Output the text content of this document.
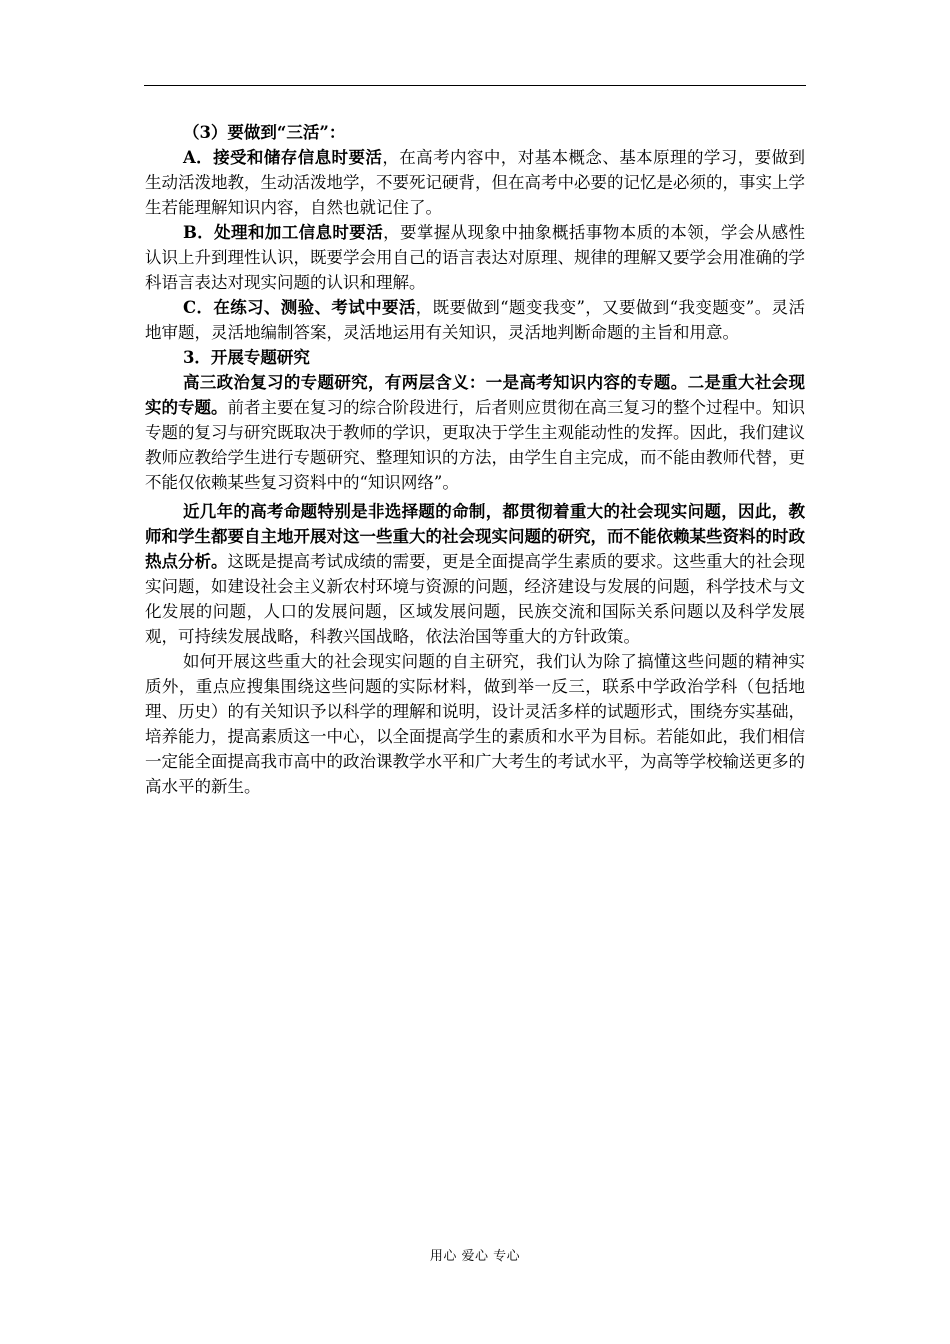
（3）要做到“三活”：

A．接受和储存信息时要活，在高考内容中，对基本概念、基本原理的学习，要做到生动活泼地教，生动活泼地学，不要死记硬背，但在高考中必要的记忆是必须的，事实上学生若能理解知识内容，自然也就记住了。

B．处理和加工信息时要活，要掌握从现象中抽象概括事物本质的本领，学会从感性认识上升到理性认识，既要学会用自己的语言表达对原理、规律的理解又要学会用准确的学科语言表达对现实问题的认识和理解。

C．在练习、测验、考试中要活，既要做到“题变我变”，又要做到“我变题变”。灵活地审题，灵活地编制答案，灵活地运用有关知识，灵活地判断命题的主旨和用意。

3．开展专题研究

高三政治复习的专题研究，有两层含义：一是高考知识内容的专题。二是重大社会现实的专题。前者主要在复习的综合阶段进行，后者则应贯彻在高三复习的整个过程中。知识专题的复习与研究既取决于教师的学识，更取决于学生主观能动性的发挥。因此，我们建议教师应教给学生进行专题研究、整理知识的方法，由学生自主完成，而不能由教师代替，更不能仅依赖某些复习资料中的“知识网络”。

近几年的高考命题特别是非选择题的命制，都贯彻着重大的社会现实问题，因此，教师和学生都要自主地开展对这一些重大的社会现实问题的研究，而不能依赖某些资料的时政热点分析。这既是提高考试成绩的需要，更是全面提高学生素质的要求。这些重大的社会现实问题，如建设社会主义新农村环境与资源的问题，经济建设与发展的问题，科学技术与文化发展的问题，人口的发展问题，区域发展问题，民族交流和国际关系问题以及科学发展观，可持续发展战略，科教兴国战略，依法治国等重大的方针政策。

如何开展这些重大的社会现实问题的自主研究，我们认为除了搞懂这些问题的精神实质外，重点应搜集围绕这些问题的实际材料，做到举一反三，联系中学政治学科（包括地理、历史）的有关知识予以科学的理解和说明，设计灵活多样的试题形式，围绕夯实基础，培养能力，提高素质这一中心，以全面提高学生的素质和水平为目标。若能如此，我们相信一定能全面提高我市高中的政治课教学水平和广大考生的考试水平，为高等学校输送更多的高水平的新生。

用心 爱心 专心
